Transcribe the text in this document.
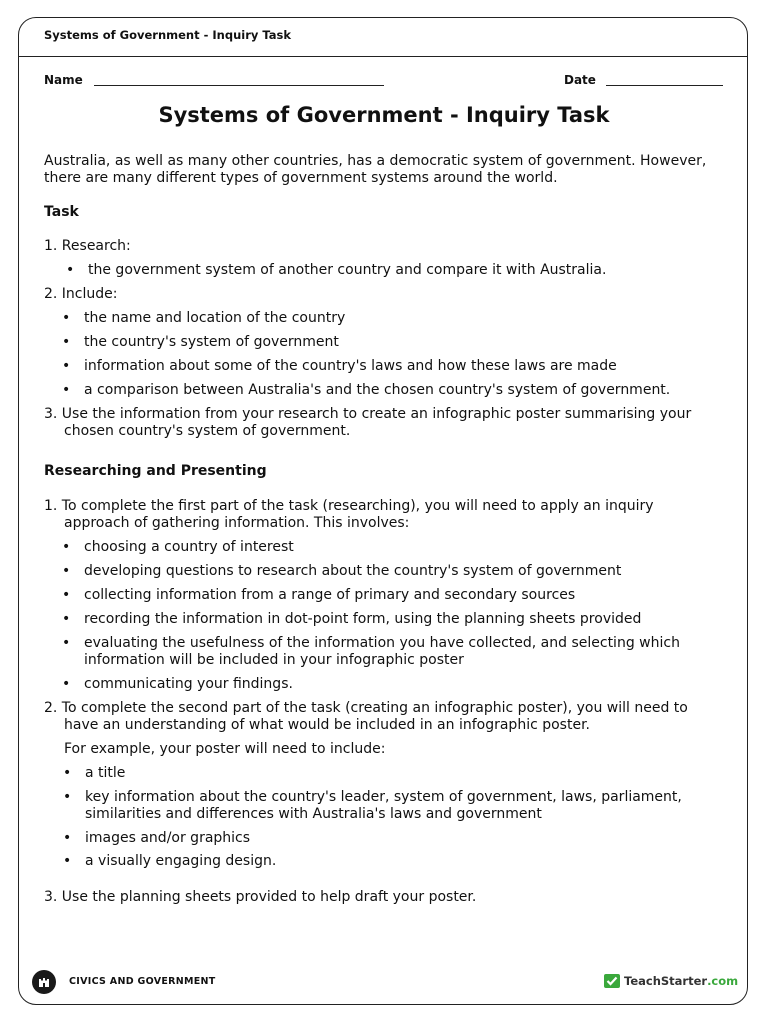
Systems of Government - Inquiry Task
Name	Date
Systems of Government - Inquiry Task
Australia, as well as many other countries, has a democratic system of government. However,
there are many different types of government systems around the world.
Task
1. Research:
• the government system of another country and compare it with Australia.
2. Include:
• the name and location of the country
• the country's system of government
• information about some of the country's laws and how these laws are made
• a comparison between Australia's and the chosen country's system of government.
3. Use the information from your research to create an infographic poster summarising your
chosen country's system of government.
Researching and Presenting
1. To complete the first part of the task (researching), you will need to apply an inquiry
approach of gathering information. This involves:
• choosing a country of interest
• developing questions to research about the country's system of government
• collecting information from a range of primary and secondary sources
• recording the information in dot-point form, using the planning sheets provided
• evaluating the usefulness of the information you have collected, and selecting which
information will be included in your infographic poster
• communicating your findings.
2. To complete the second part of the task (creating an infographic poster), you will need to
have an understanding of what would be included in an infographic poster.
For example, your poster will need to include:
• a title
• key information about the country's leader, system of government, laws, parliament,
similarities and differences with Australia's laws and government
• images and/or graphics
• a visually engaging design.
3. Use the planning sheets provided to help draft your poster.
CIVICS AND GOVERNMENT	TeachStarter.com
